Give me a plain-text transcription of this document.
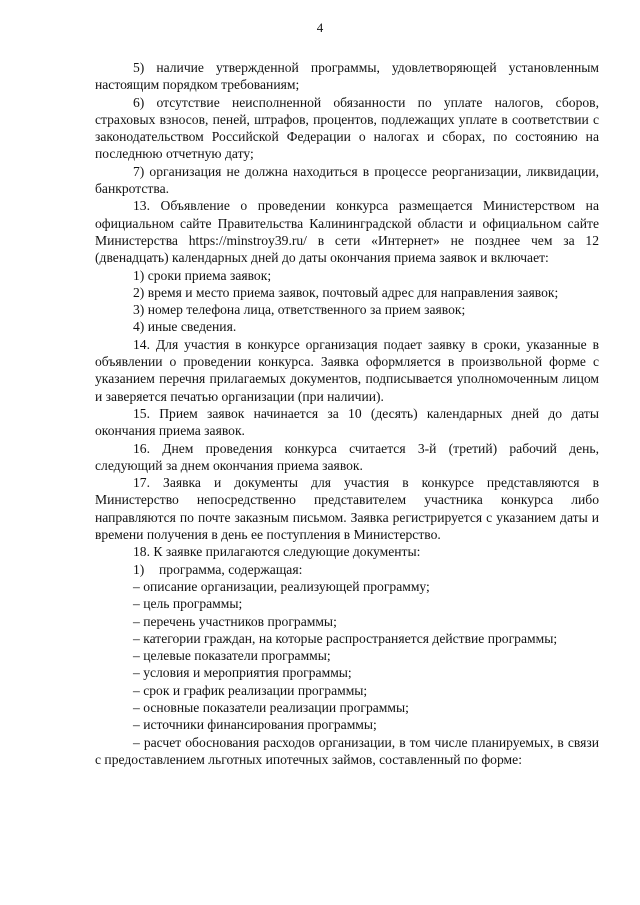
4

5) наличие утвержденной программы, удовлетворяющей установленным настоящим порядком требованиям;

6) отсутствие неисполненной обязанности по уплате налогов, сборов, страховых взносов, пеней, штрафов, процентов, подлежащих уплате в соответствии с законодательством Российской Федерации о налогах и сборах, по состоянию на последнюю отчетную дату;

7) организация не должна находиться в процессе реорганизации, ликвидации, банкротства.

13. Объявление о проведении конкурса размещается Министерством на официальном сайте Правительства Калининградской области и официальном сайте Министерства https://minstroy39.ru/ в сети «Интернет» не позднее чем за 12 (двенадцать) календарных дней до даты окончания приема заявок и включает:

1) сроки приема заявок;

2) время и место приема заявок, почтовый адрес для направления заявок;

3) номер телефона лица, ответственного за прием заявок;

4) иные сведения.

14. Для участия в конкурсе организация подает заявку в сроки, указанные в объявлении о проведении конкурса. Заявка оформляется в произвольной форме с указанием перечня прилагаемых документов, подписывается уполномоченным лицом и заверяется печатью организации (при наличии).

15. Прием заявок начинается за 10 (десять) календарных дней до даты окончания приема заявок.

16. Днем проведения конкурса считается 3-й (третий) рабочий день, следующий за днем окончания приема заявок.

17. Заявка и документы для участия в конкурсе представляются в Министерство непосредственно представителем участника конкурса либо направляются по почте заказным письмом. Заявка регистрируется с указанием даты и времени получения в день ее поступления в Министерство.

18. К заявке прилагаются следующие документы:

1) программа, содержащая:

– описание организации, реализующей программу;

– цель программы;

– перечень участников программы;

– категории граждан, на которые распространяется действие программы;

– целевые показатели программы;

– условия и мероприятия программы;

– срок и график реализации программы;

– основные показатели реализации программы;

– источники финансирования программы;

– расчет обоснования расходов организации, в том числе планируемых, в связи с предоставлением льготных ипотечных займов, составленный по форме:
